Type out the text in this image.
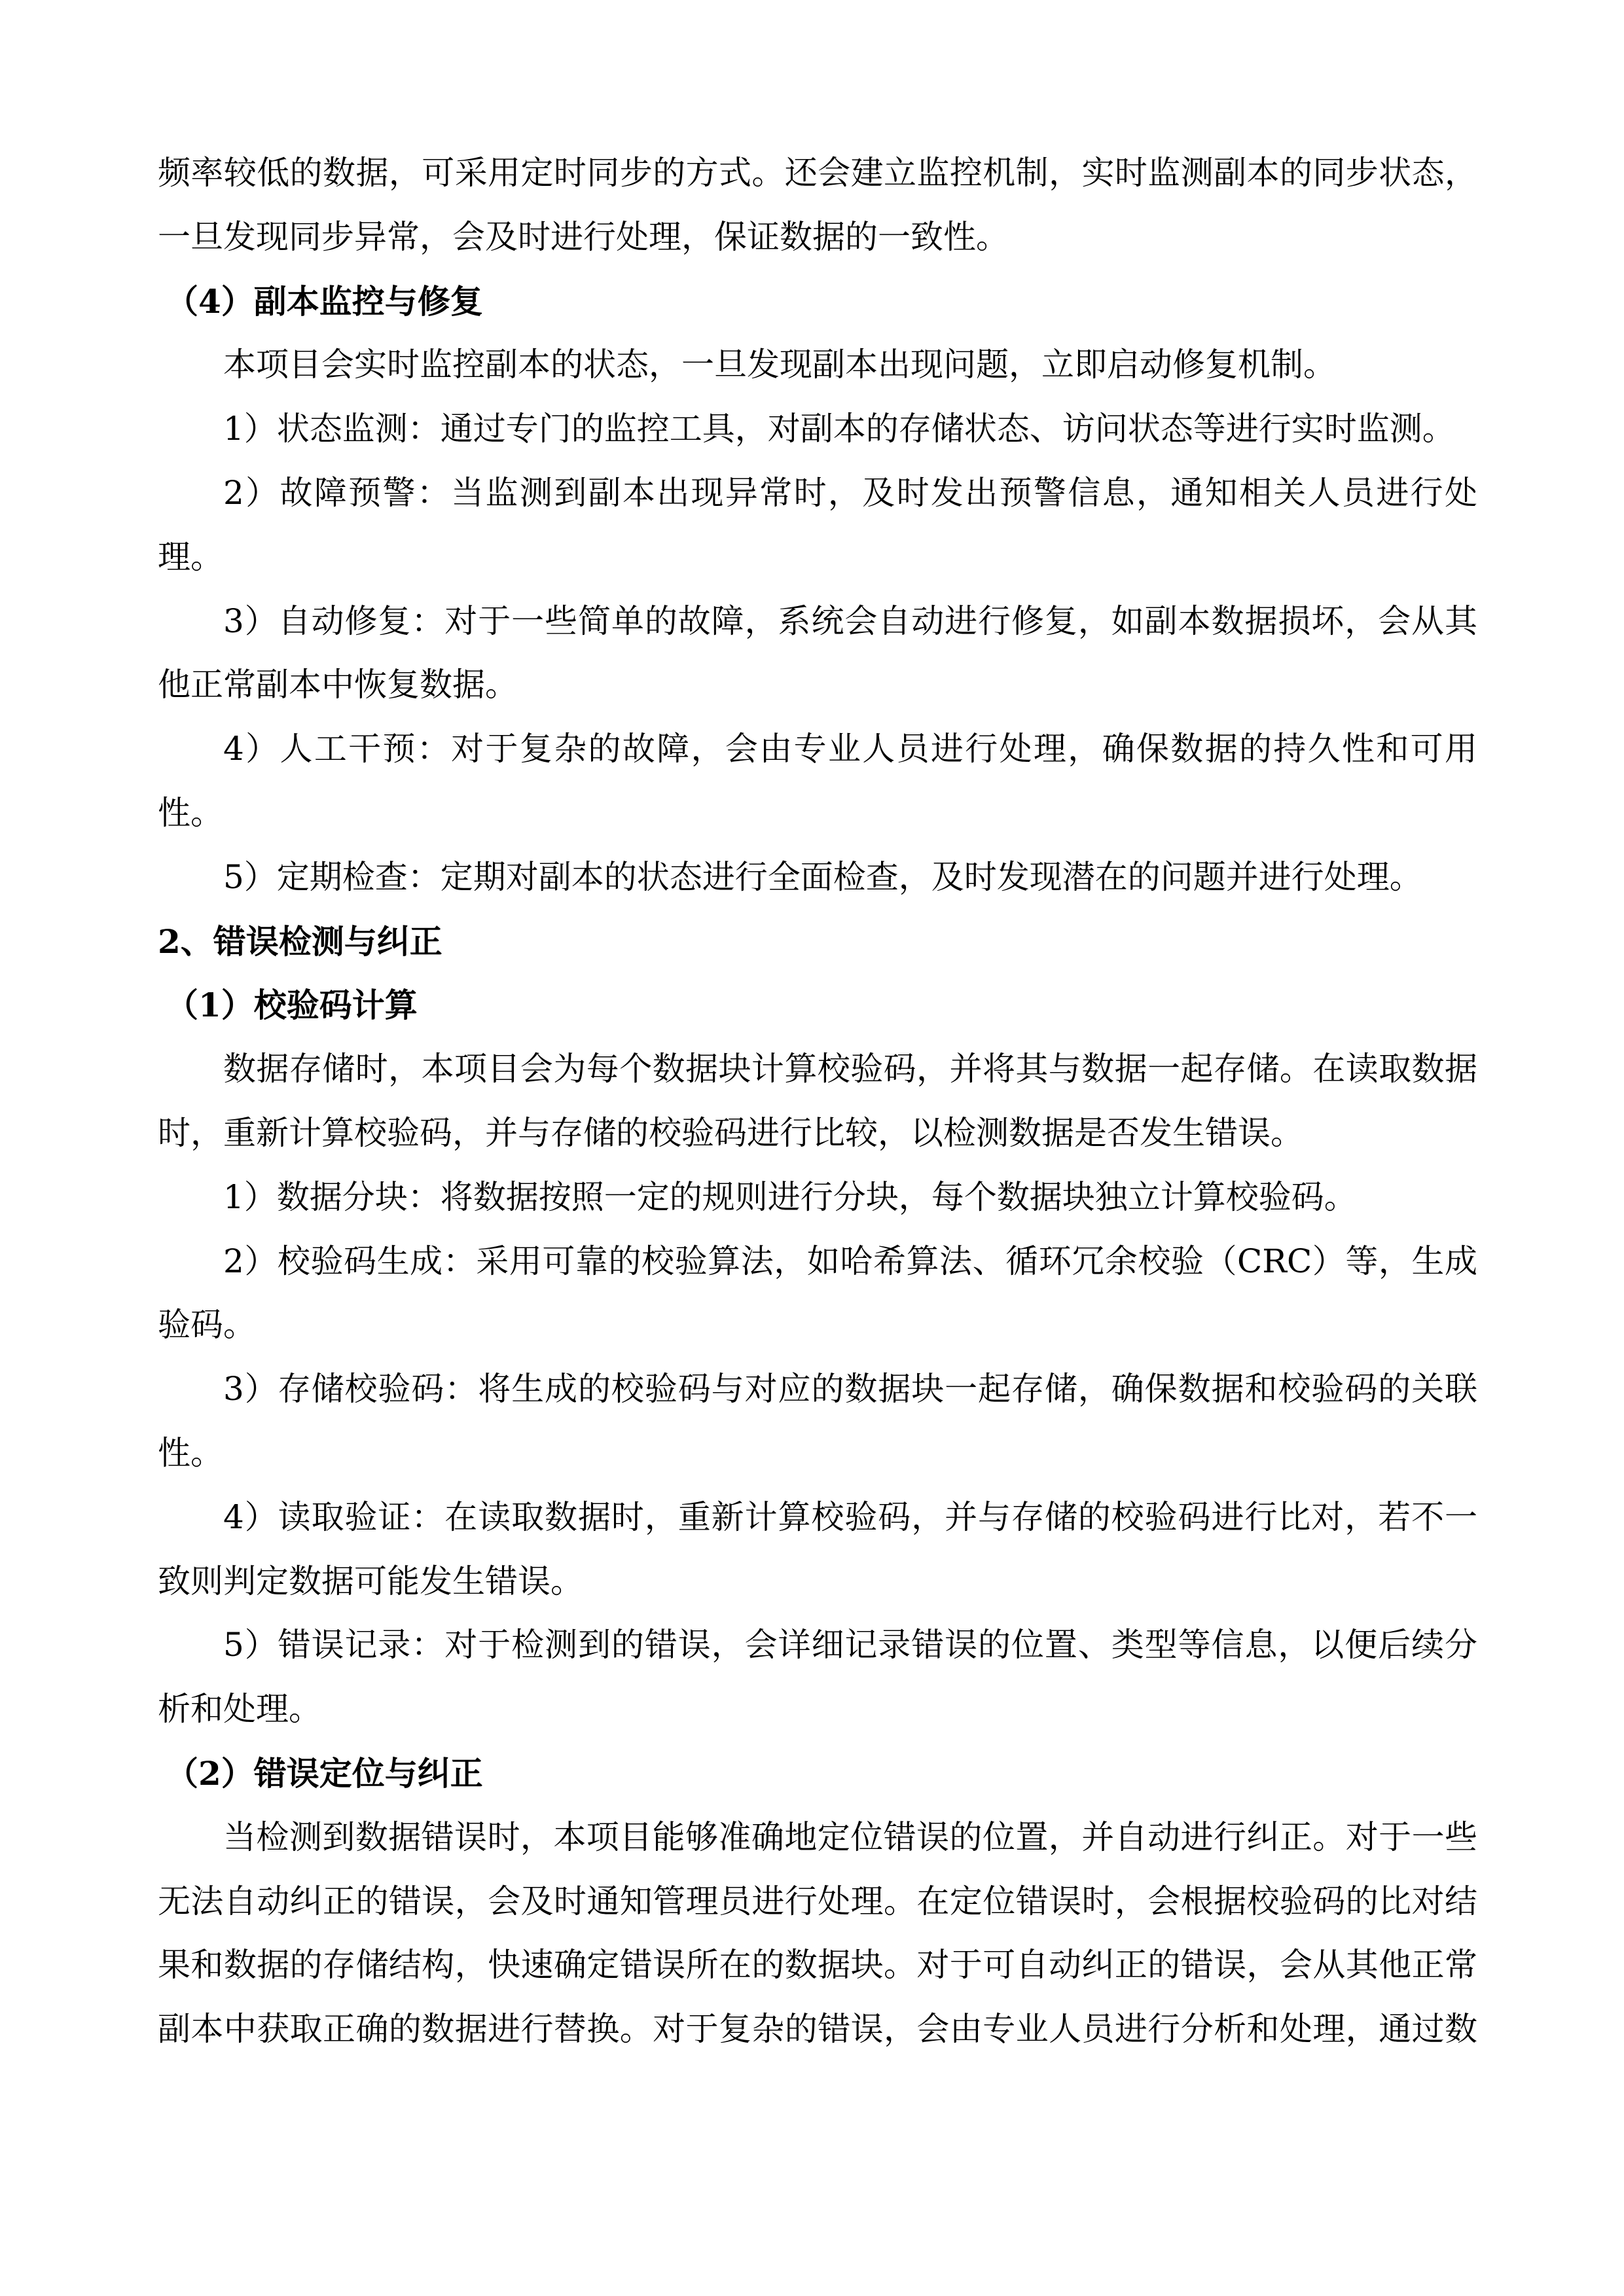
频率较低的数据，可采用定时同步的方式。还会建立监控机制，实时监测副本的同步状态，
一旦发现同步异常，会及时进行处理，保证数据的一致性。
（4）副本监控与修复
本项目会实时监控副本的状态，一旦发现副本出现问题，立即启动修复机制。
1）状态监测：通过专门的监控工具，对副本的存储状态、访问状态等进行实时监测。
2）故障预警：当监测到副本出现异常时，及时发出预警信息，通知相关人员进行处
理。
3）自动修复：对于一些简单的故障，系统会自动进行修复，如副本数据损坏，会从其
他正常副本中恢复数据。
4）人工干预：对于复杂的故障，会由专业人员进行处理，确保数据的持久性和可用
性。
5）定期检查：定期对副本的状态进行全面检查，及时发现潜在的问题并进行处理。
2、错误检测与纠正
（1）校验码计算
数据存储时，本项目会为每个数据块计算校验码，并将其与数据一起存储。在读取数据
时，重新计算校验码，并与存储的校验码进行比较，以检测数据是否发生错误。
1）数据分块：将数据按照一定的规则进行分块，每个数据块独立计算校验码。
2）校验码生成：采用可靠的校验算法，如哈希算法、循环冗余校验（CRC）等，生成
验码。
3）存储校验码：将生成的校验码与对应的数据块一起存储，确保数据和校验码的关联
性。
4）读取验证：在读取数据时，重新计算校验码，并与存储的校验码进行比对，若不一
致则判定数据可能发生错误。
5）错误记录：对于检测到的错误，会详细记录错误的位置、类型等信息，以便后续分
析和处理。
（2）错误定位与纠正
当检测到数据错误时，本项目能够准确地定位错误的位置，并自动进行纠正。对于一些
无法自动纠正的错误，会及时通知管理员进行处理。在定位错误时，会根据校验码的比对结
果和数据的存储结构，快速确定错误所在的数据块。对于可自动纠正的错误，会从其他正常
副本中获取正确的数据进行替换。对于复杂的错误，会由专业人员进行分析和处理，通过数
